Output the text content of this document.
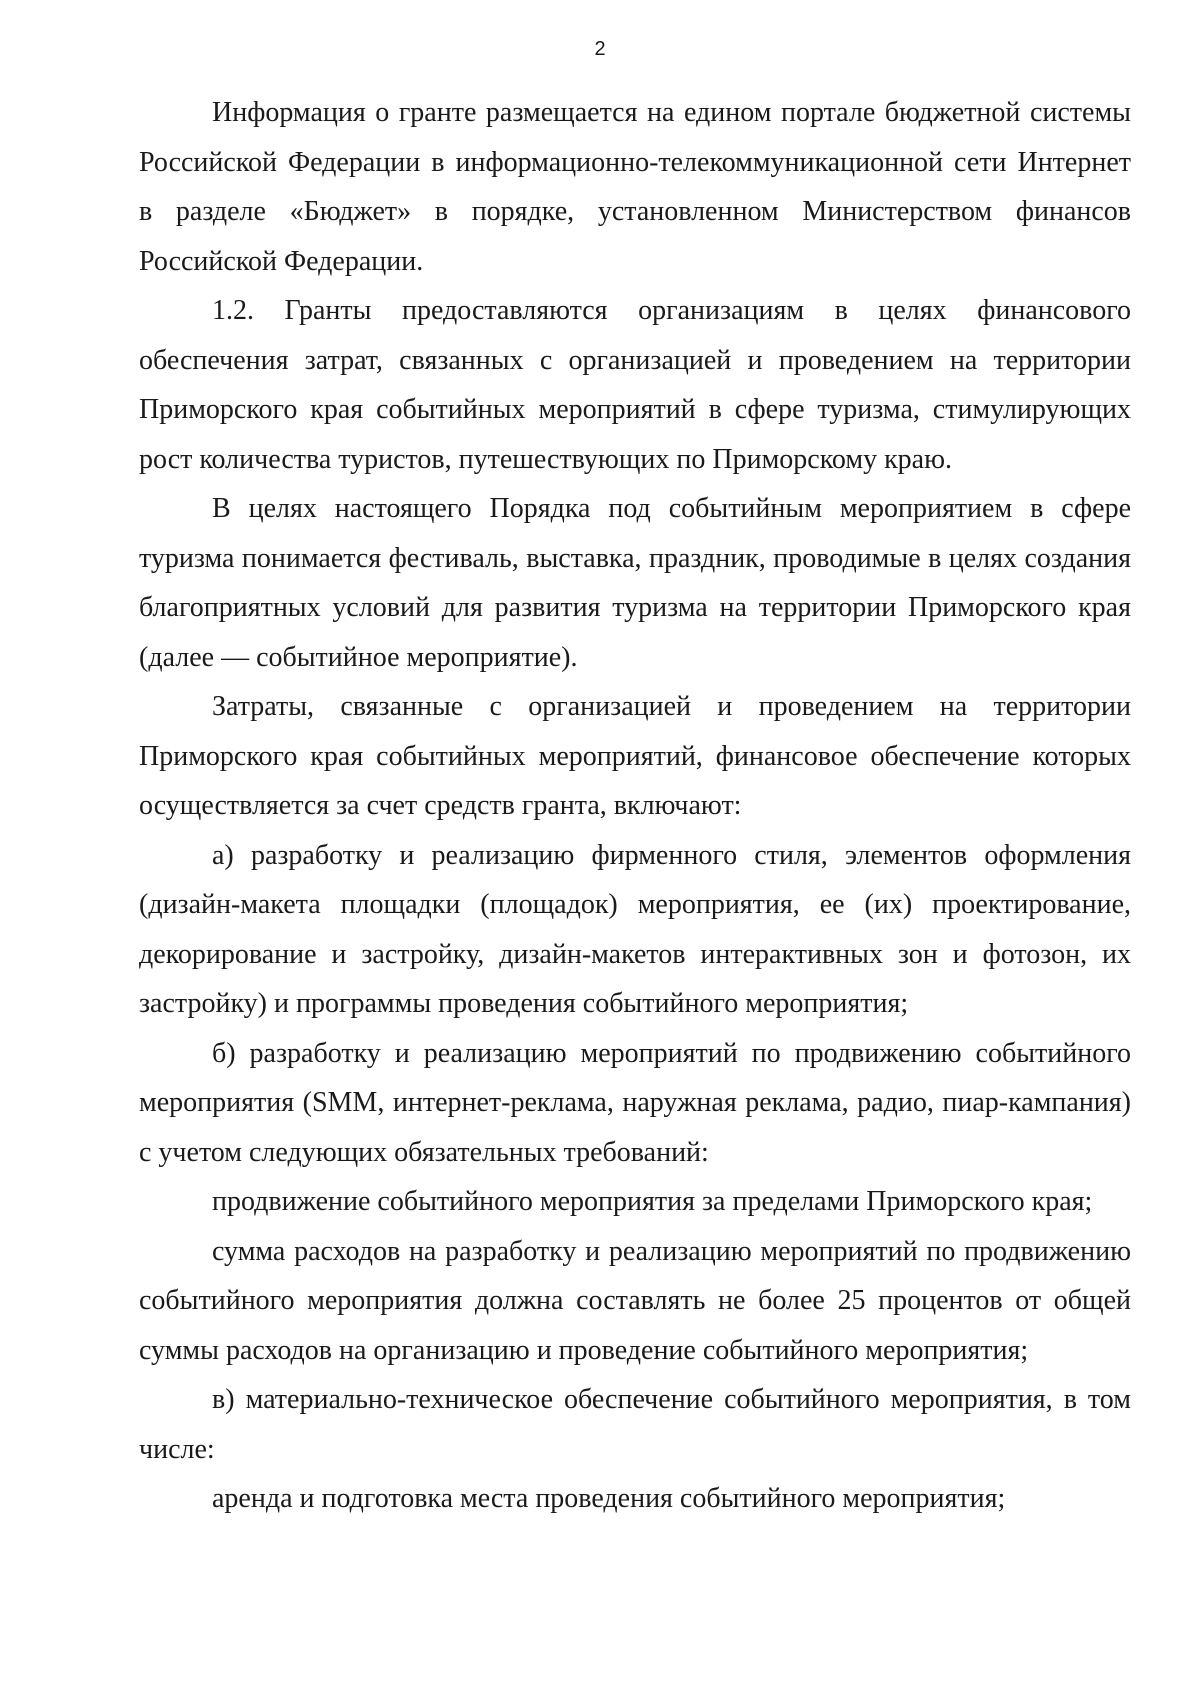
2

Информация о гранте размещается на едином портале бюджетной системы Российской Федерации в информационно-телекоммуникационной сети Интернет в разделе «Бюджет» в порядке, установленном Министерством финансов Российской Федерации.

1.2. Гранты предоставляются организациям в целях финансового обеспечения затрат, связанных с организацией и проведением на территории Приморского края событийных мероприятий в сфере туризма, стимулирующих рост количества туристов, путешествующих по Приморскому краю.

В целях настоящего Порядка под событийным мероприятием в сфере туризма понимается фестиваль, выставка, праздник, проводимые в целях создания благоприятных условий для развития туризма на территории Приморского края (далее — событийное мероприятие).

Затраты, связанные с организацией и проведением на территории Приморского края событийных мероприятий, финансовое обеспечение которых осуществляется за счет средств гранта, включают:

а) разработку и реализацию фирменного стиля, элементов оформления (дизайн-макета площадки (площадок) мероприятия, ее (их) проектирование, декорирование и застройку, дизайн-макетов интерактивных зон и фотозон, их застройку) и программы проведения событийного мероприятия;

б) разработку и реализацию мероприятий по продвижению событийного мероприятия (SMM, интернет-реклама, наружная реклама, радио, пиар-кампания) с учетом следующих обязательных требований:

продвижение событийного мероприятия за пределами Приморского края;

сумма расходов на разработку и реализацию мероприятий по продвижению событийного мероприятия должна составлять не более 25 процентов от общей суммы расходов на организацию и проведение событийного мероприятия;

в) материально-техническое обеспечение событийного мероприятия, в том числе:

аренда и подготовка места проведения событийного мероприятия;
